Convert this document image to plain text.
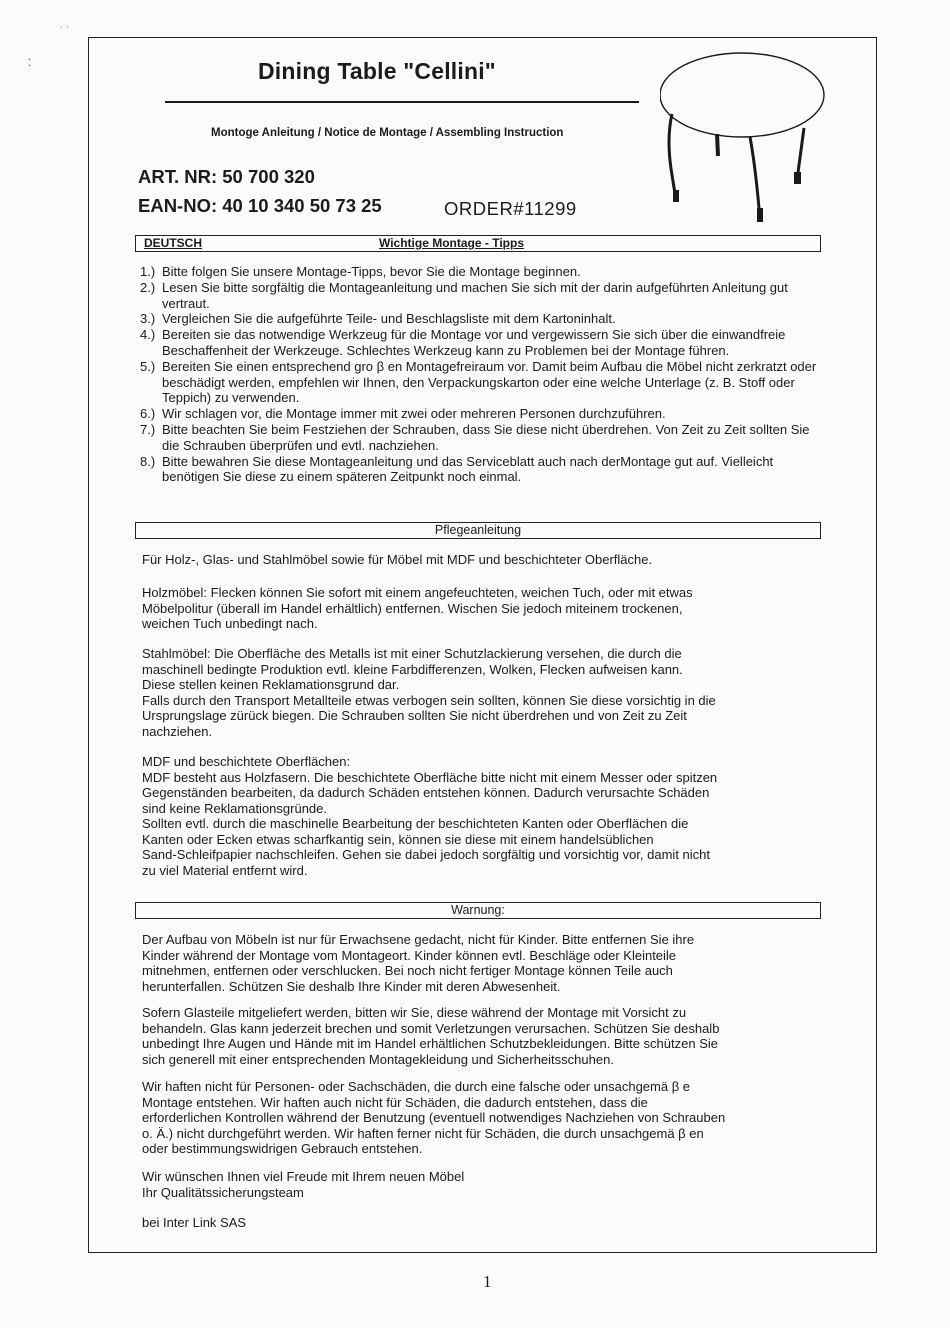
˙ ˙
⁚	Dining Table "Cellini"
Montoge Anleitung / Notice de Montage / Assembling Instruction
ART. NR: 50 700 320
EAN-NO: 40 10 340 50 73 25	ORDER#11299
DEUTSCH	Wichtige Montage - Tipps
1.) Bitte folgen Sie unsere Montage-Tipps, bevor Sie die Montage beginnen.
2.) Lesen Sie bitte sorgfältig die Montageanleitung und machen Sie sich mit der darin aufgeführten Anleitung gut vertraut.
3.) Vergleichen Sie die aufgeführte Teile- und Beschlagsliste mit dem Kartoninhalt.
4.) Bereiten sie das notwendige Werkzeug für die Montage vor und vergewissern Sie sich über die einwandfreie Beschaffenheit der Werkzeuge. Schlechtes Werkzeug kann zu Problemen bei der Montage führen.
5.) Bereiten Sie einen entsprechend gro β en Montagefreiraum vor. Damit beim Aufbau die Möbel nicht zerkratzt oder beschädigt werden, empfehlen wir Ihnen, den Verpackungskarton oder eine welche Unterlage (z. B. Stoff oder Teppich) zu verwenden.
6.) Wir schlagen vor, die Montage immer mit zwei oder mehreren Personen durchzuführen.
7.) Bitte beachten Sie beim Festziehen der Schrauben, dass Sie diese nicht überdrehen. Von Zeit zu Zeit sollten Sie die Schrauben überprüfen und evtl. nachziehen.
8.) Bitte bewahren Sie diese Montageanleitung und das Serviceblatt auch nach derMontage gut auf. Vielleicht benötigen Sie diese zu einem späteren Zeitpunkt noch einmal.
Pflegeanleitung

Für Holz-, Glas- und Stahlmöbel sowie für Möbel mit MDF und beschichteter Oberfläche.

Holzmöbel: Flecken können Sie sofort mit einem angefeuchteten, weichen Tuch, oder mit etwas
Möbelpolitur (überall im Handel erhältlich) entfernen. Wischen Sie jedoch miteinem trockenen,
weichen Tuch unbedingt nach.

Stahlmöbel: Die Oberfläche des Metalls ist mit einer Schutzlackierung versehen, die durch die
maschinell bedingte Produktion evtl. kleine Farbdifferenzen, Wolken, Flecken aufweisen kann.
Diese stellen keinen Reklamationsgrund dar.
Falls durch den Transport Metallteile etwas verbogen sein sollten, können Sie diese vorsichtig in die
Ursprungslage zürück biegen. Die Schrauben sollten Sie nicht überdrehen und von Zeit zu Zeit
nachziehen.

MDF und beschichtete Oberflächen:
MDF besteht aus Holzfasern. Die beschichtete Oberfläche bitte nicht mit einem Messer oder spitzen
Gegenständen bearbeiten, da dadurch Schäden entstehen können. Dadurch verursachte Schäden
sind keine Reklamationsgründe.
Sollten evtl. durch die maschinelle Bearbeitung der beschichteten Kanten oder Oberflächen die
Kanten oder Ecken etwas scharfkantig sein, können sie diese mit einem handelsüblichen
Sand-Schleifpapier nachschleifen. Gehen sie dabei jedoch sorgfältig und vorsichtig vor, damit nicht
zu viel Material entfernt wird.

Warnung:

Der Aufbau von Möbeln ist nur für Erwachsene gedacht, nicht für Kinder. Bitte entfernen Sie ihre
Kinder während der Montage vom Montageort. Kinder können evtl. Beschläge oder Kleinteile
mitnehmen, entfernen oder verschlucken. Bei noch nicht fertiger Montage können Teile auch
herunterfallen. Schützen Sie deshalb Ihre Kinder mit deren Abwesenheit.

Sofern Glasteile mitgeliefert werden, bitten wir Sie, diese während der Montage mit Vorsicht zu
behandeln. Glas kann jederzeit brechen und somit Verletzungen verursachen. Schützen Sie deshalb
unbedingt Ihre Augen und Hände mit im Handel erhältlichen Schutzbekleidungen. Bitte schützen Sie
sich generell mit einer entsprechenden Montagekleidung und Sicherheitsschuhen.

Wir haften nicht für Personen- oder Sachschäden, die durch eine falsche oder unsachgemä β e
Montage entstehen. Wir haften auch nicht für Schäden, die dadurch entstehen, dass die
erforderlichen Kontrollen während der Benutzung (eventuell notwendiges Nachziehen von Schrauben
o. Ä.) nicht durchgeführt werden. Wir haften ferner nicht für Schäden, die durch unsachgemä β en
oder bestimmungswidrigen Gebrauch entstehen.

Wir wünschen Ihnen viel Freude mit Ihrem neuen Möbel
Ihr Qualitätssicherungsteam

bei Inter Link SAS

1
